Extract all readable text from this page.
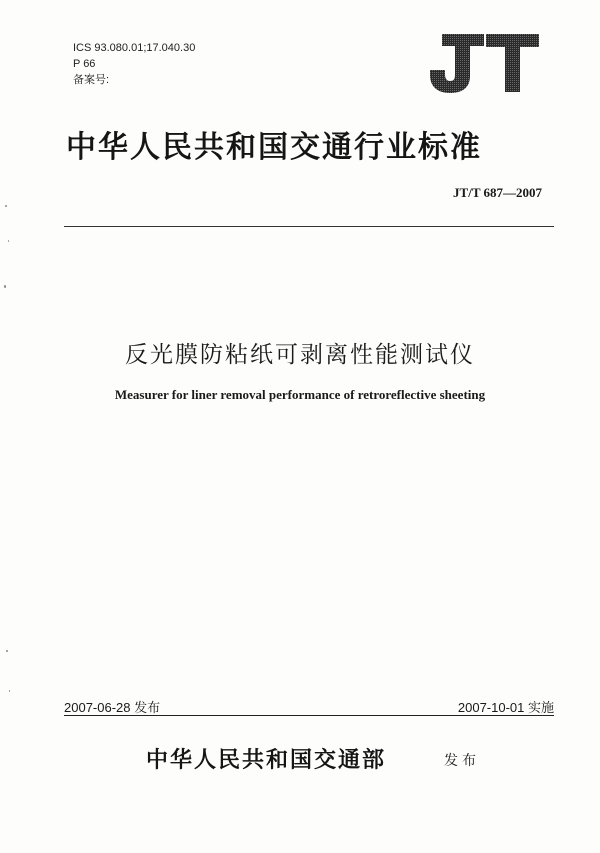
ICS 93.080.01;17.040.30
P 66
备案号:
中华人民共和国交通行业标准
JT/T 687—2007
反光膜防粘纸可剥离性能测试仪
Measurer for liner removal performance of retroreflective sheeting
2007-06-28 发布	2007-10-01 实施
中华人民共和国交通部	发布
